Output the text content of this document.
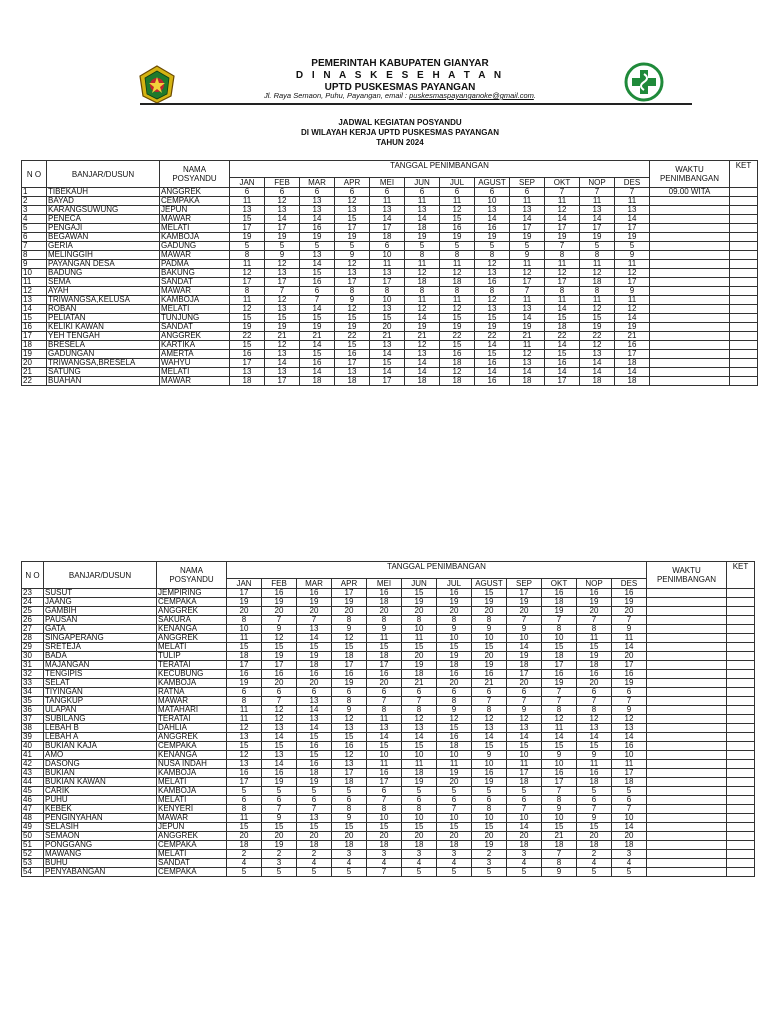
PEMERINTAH KABUPATEN GIANYAR
D I N A S K E S E H A T A N
UPTD PUSKESMAS PAYANGAN
Jl. Raya Semaon, Puhu, Payangan, email : puskesmaspayanganoke@gmail.com.
JADWAL KEGIATAN POSYANDU
DI WILAYAH KERJA UPTD PUSKESMAS PAYANGAN
TAHUN 2024
N O	BANJAR/DUSUN	NAMA POSYANDU	TANGGAL PENIMBANGAN												WAKTU PENIMBANGAN	KET
			JAN	FEB	MAR	APR	MEI	JUN	JUL	AGUST	SEP	OKT	NOP	DES		
1	TIBEKAUH	ANGGREK	6	6	6	6	6	6	6	6	6	7	7	7	09.00 WITA	
2	BAYAD	CEMPAKA	11	12	13	12	11	11	11	10	11	11	11	11		
3	KARANGSUWUNG	JEPUN	13	13	13	13	13	13	12	13	13	12	13	13		
4	PENECA	MAWAR	15	14	14	15	14	14	15	14	14	14	14	14		
5	PENGAJI	MELATI	17	17	16	17	17	18	16	16	17	17	17	17		
6	BEGAWAN	KAMBOJA	19	19	19	19	18	19	19	19	19	19	19	19		
7	GERIA	GADUNG	5	5	5	5	6	5	5	5	5	7	5	5		
8	MELINGGIH	MAWAR	8	9	13	9	10	8	8	8	9	8	8	9		
9	PAYANGAN DESA	PADMA	11	12	14	12	11	11	11	12	11	11	11	11		
10	BADUNG	BAKUNG	12	13	15	13	13	12	12	13	12	12	12	12		
11	SEMA	SANDAT	17	17	16	17	17	18	18	16	17	17	18	17		
12	AYAH	MAWAR	8	7	6	8	8	8	8	8	7	8	8	9		
13	TRIWANGSA,KELUSA	KAMBOJA	11	12	7	9	10	11	11	12	11	11	11	11		
14	ROBAN	MELATI	12	13	14	12	13	12	12	13	13	14	12	12		
15	PELIATAN	TUNJUNG	15	15	15	15	15	14	15	15	14	15	15	14		
16	KELIKI KAWAN	SANDAT	19	19	19	19	20	19	19	19	19	18	19	19		
17	YEH TENGAH	ANGGREK	22	21	21	22	21	21	22	22	21	22	22	21		
18	BRESELA	KARTIKA	15	12	14	15	13	12	15	14	11	14	12	16		
19	GADUNGAN	AMERTA	16	13	15	16	14	13	16	15	12	15	13	17		
20	TRIWANGSA,BRESELA	WAHYU	17	14	16	17	15	14	18	16	13	16	14	18		
21	SATUNG	MELATI	13	13	14	13	14	14	12	14	14	14	14	14		
22	BUAHAN	MAWAR	18	17	18	18	17	18	18	16	18	17	18	18		
N O	BANJAR/DUSUN	NAMA POSYANDU	TANGGAL PENIMBANGAN												WAKTU PENIMBANGAN	KET
			JAN	FEB	MAR	APR	MEI	JUN	JUL	AGUST	SEP	OKT	NOP	DES		
23	SUSUT	JEMPIRING	17	16	16	17	16	15	16	15	17	16	16	16		
24	JAANG	CEMPAKA	19	19	19	19	18	19	19	19	19	18	19	19		
25	GAMBIH	ANGGREK	20	20	20	20	20	20	20	20	20	19	20	20		
26	PAUSAN	SAKURA	8	7	7	8	8	8	8	8	7	7	7	7		
27	GATA	KENANGA	10	9	13	9	9	10	9	9	9	8	8	9		
28	SINGAPERANG	ANGGREK	11	12	14	12	11	11	10	10	10	10	11	11		
29	SRETEJA	MELATI	15	15	15	15	15	15	15	15	14	15	15	14		
30	BADA	TULIP	18	19	19	18	18	20	19	20	19	18	19	20		
31	MAJANGAN	TERATAI	17	17	18	17	17	19	18	19	18	17	18	17		
32	TENGIPIS	KECUBUNG	16	16	16	16	16	18	16	16	17	16	16	16		
33	SELAT	KAMBOJA	19	20	20	19	20	21	20	21	20	19	20	19		
34	TIYINGAN	RATNA	6	6	6	6	6	6	6	6	6	7	6	6		
35	TANGKUP	MAWAR	8	7	13	8	7	7	8	7	7	7	7	7		
36	ULAPAN	MATAHARI	11	12	14	9	8	8	9	8	9	8	8	9		
37	SUBILANG	TERATAI	11	12	13	12	11	12	12	12	12	12	12	12		
38	LEBAH B	DAHLIA	12	13	14	13	13	13	15	13	13	11	13	13		
39	LEBAH A	ANGGREK	13	14	15	15	14	14	16	14	14	14	14	14		
40	BUKIAN KAJA	CEMPAKA	15	15	16	16	15	15	18	15	15	15	15	16		
41	AMO	KENANGA	12	13	15	12	10	10	10	9	10	9	9	10		
42	DASONG	NUSA INDAH	13	14	16	13	11	11	11	10	11	10	11	11		
43	BUKIAN	KAMBOJA	16	16	18	17	16	18	19	16	17	16	16	17		
44	BUKIAN KAWAN	MELATI	17	19	19	18	17	19	20	19	18	17	18	18		
45	CARIK	KAMBOJA	5	5	5	5	6	5	5	5	5	7	5	5		
46	PUHU	MELATI	6	6	6	6	7	6	6	6	6	8	6	6		
47	KEBEK	KENYERI	8	7	7	8	8	8	7	8	7	9	7	7		
48	PENGINYAHAN	MAWAR	11	9	13	9	10	10	10	10	10	10	9	10		
49	SELASIH	JEPUN	15	15	15	15	15	15	15	15	14	15	15	14		
50	SEMAON	ANGGREK	20	20	20	20	20	20	20	20	20	21	20	20		
51	PONGGANG	CEMPAKA	18	19	18	18	18	18	18	19	18	18	18	18		
52	MAWANG	MELATI	2	2	2	3	3	3	3	2	3	7	2	3		
53	BUHU	SANDAT	4	3	4	4	4	4	4	3	4	8	4	4		
54	PENYABANGAN	CEMPAKA	5	5	5	5	7	5	5	5	5	9	5	5		
